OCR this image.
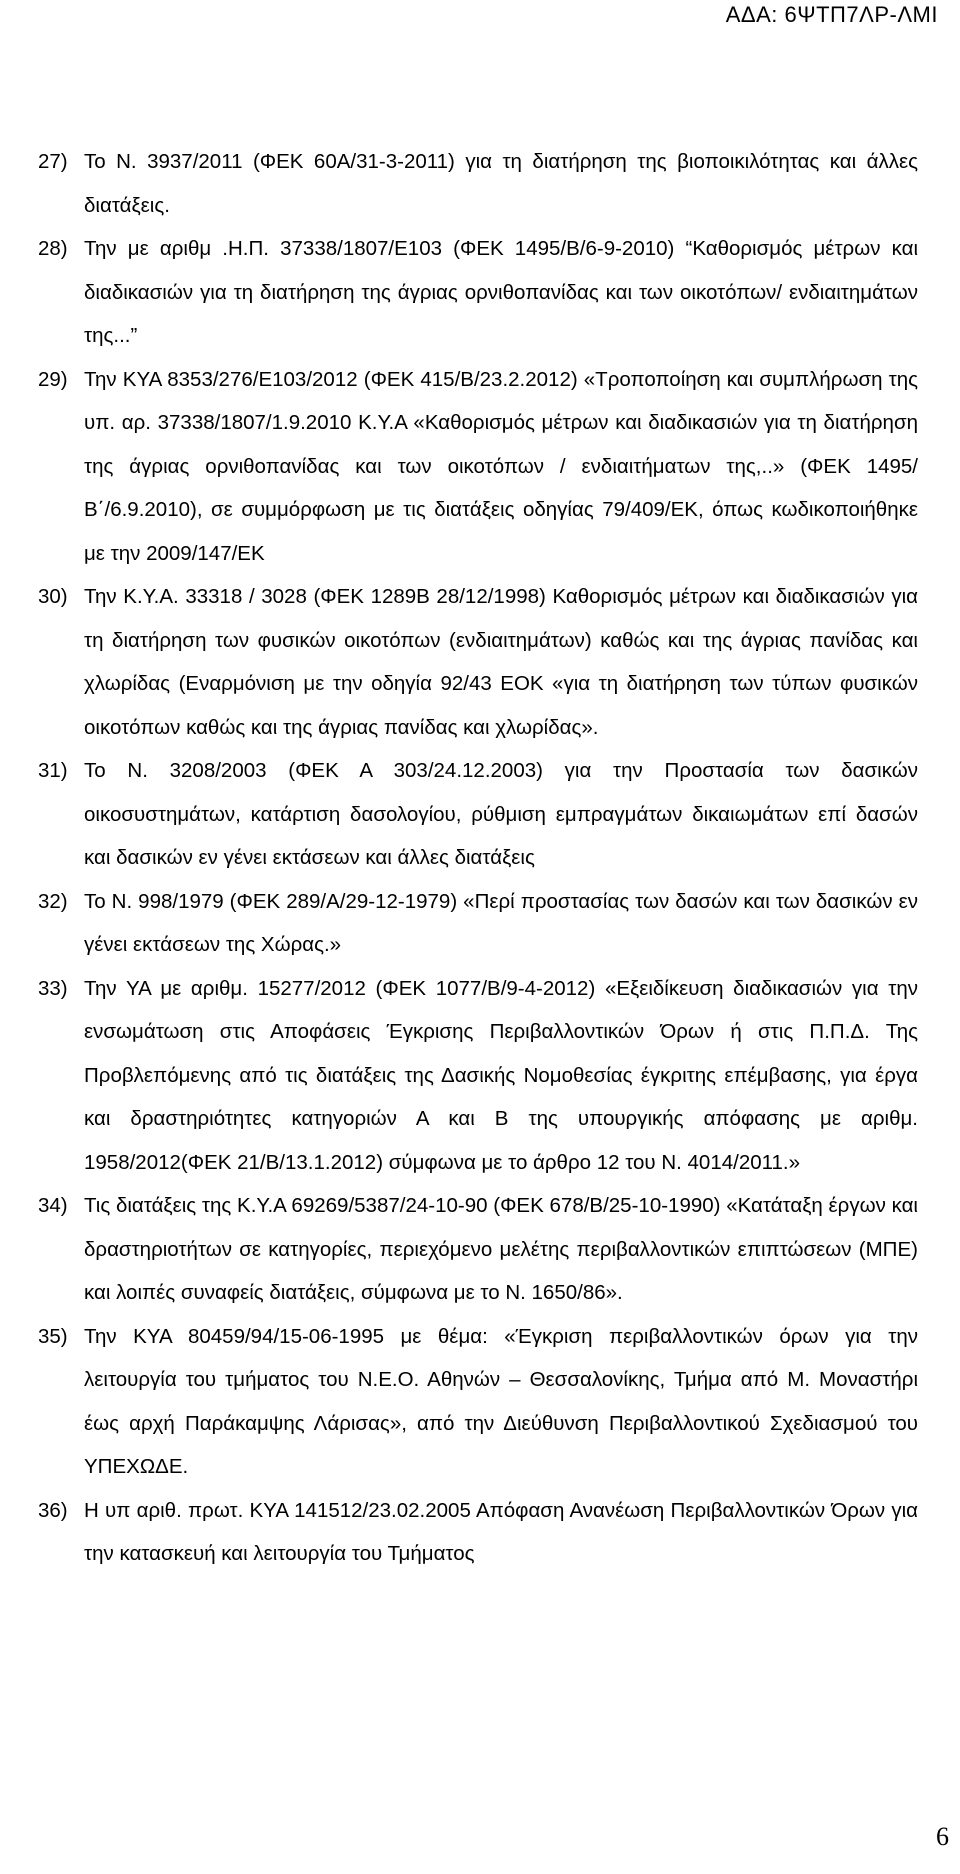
ΑΔΑ: 6ΨΤΠ7ΛΡ-ΛΜΙ
27) Το Ν. 3937/2011 (ΦΕΚ 60Α/31-3-2011) για τη διατήρηση της βιοποικιλότητας και άλλες διατάξεις.
28) Την με αριθμ .Η.Π. 37338/1807/Ε103 (ΦΕΚ 1495/Β/6-9-2010) “Καθορισμός μέτρων και διαδικασιών για τη διατήρηση της άγριας ορνιθοπανίδας και των οικοτόπων/ ενδιαιτημάτων της...”
29) Την ΚΥΑ 8353/276/Ε103/2012 (ΦΕΚ 415/Β/23.2.2012) «Τροποποίηση και συμπλήρωση της υπ. αρ. 37338/1807/1.9.2010 Κ.Υ.Α «Καθορισμός μέτρων και διαδικασιών για τη διατήρηση της άγριας ορνιθοπανίδας και των οικοτόπων / ενδιαιτήματων της,..» (ΦΕΚ 1495/Β΄/6.9.2010), σε συμμόρφωση με τις διατάξεις οδηγίας 79/409/ΕΚ, όπως κωδικοποιήθηκε με την 2009/147/ΕΚ
30) Την Κ.Υ.Α. 33318 / 3028 (ΦΕΚ 1289Β 28/12/1998) Καθορισμός μέτρων και διαδικασιών για τη διατήρηση των φυσικών οικοτόπων (ενδιαιτημάτων) καθώς και της άγριας πανίδας και χλωρίδας (Εναρμόνιση με την οδηγία 92/43 ΕΟΚ «για τη διατήρηση των τύπων φυσικών οικοτόπων καθώς και της άγριας πανίδας και χλωρίδας».
31) Το Ν. 3208/2003 (ΦΕΚ Α 303/24.12.2003) για την Προστασία των δασικών οικοσυστημάτων, κατάρτιση δασολογίου, ρύθμιση εμπραγμάτων δικαιωμάτων επί δασών και δασικών εν γένει εκτάσεων και άλλες διατάξεις
32) Το Ν. 998/1979 (ΦΕΚ 289/Α/29-12-1979) «Περί προστασίας των δασών και των δασικών εν γένει εκτάσεων της Χώρας.»
33) Την ΥΑ με αριθμ. 15277/2012 (ΦΕΚ 1077/Β/9-4-2012) «Εξειδίκευση διαδικασιών για την ενσωμάτωση στις Αποφάσεις Έγκρισης Περιβαλλοντικών Όρων ή στις Π.Π.Δ. Της Προβλεπόμενης από τις διατάξεις της Δασικής Νομοθεσίας έγκριτης επέμβασης, για έργα και δραστηριότητες κατηγοριών Α και Β της υπουργικής απόφασης με αριθμ. 1958/2012(ΦΕΚ 21/Β/13.1.2012) σύμφωνα με το άρθρο 12 του Ν. 4014/2011.»
34) Τις διατάξεις της Κ.Υ.Α 69269/5387/24-10-90 (ΦΕΚ 678/Β/25-10-1990) «Κατάταξη έργων και δραστηριοτήτων σε κατηγορίες, περιεχόμενο μελέτης περιβαλλοντικών επιπτώσεων (ΜΠΕ) και λοιπές συναφείς διατάξεις, σύμφωνα με το Ν. 1650/86».
35) Την ΚΥΑ 80459/94/15-06-1995 με θέμα: «Έγκριση περιβαλλοντικών όρων για την λειτουργία του τμήματος του Ν.Ε.Ο. Αθηνών – Θεσσαλονίκης, Τμήμα από Μ. Μοναστήρι έως αρχή Παράκαμψης Λάρισας», από την Διεύθυνση Περιβαλλοντικού Σχεδιασμού του ΥΠΕΧΩΔΕ.
36) Η υπ αριθ. πρωτ. ΚΥΑ 141512/23.02.2005 Απόφαση Ανανέωση Περιβαλλοντικών Όρων για την κατασκευή και λειτουργία του Τμήματος
6
